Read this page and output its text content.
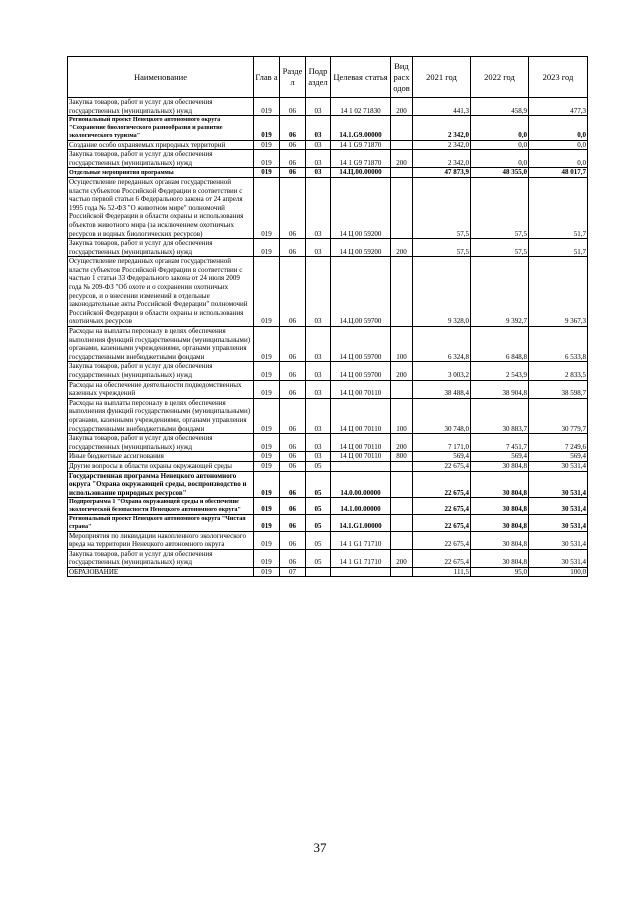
Наименование	Глав а	Разде л	Подр аздел	Целевая статья	Вид расх одов	2021 год	2022 год	2023 год
Закупка товаров, работ и услуг для обеспечения государственных (муниципальных) нужд	019	06	03	14 1 02 71830	200	441,3	458,9	477,3
Региональный проект Ненецкого автономного округа "Сохранение биологического разнообразия и развитие экологического туризма"	019	06	03	14.1.G9.00000		2 342,0	0,0	0,0
Создание особо охраняемых природных территорий	019	06	03	14 1 G9 71870		2 342,0	0,0	0,0
Закупка товаров, работ и услуг для обеспечения государственных (муниципальных) нужд	019	06	03	14 1 G9 71870	200	2 342,0	0,0	0,0
Отдельные мероприятия программы	019	06	03	14.Ц.00.00000		47 873,9	48 355,0	48 017,7
Осуществление переданных органам государственной власти субъектов Российской Федерации в соответствии с частью первой статьи 6 Федерального закона от 24 апреля 1995 года № 52-ФЗ "О животном мире" полномочий Российской Федерации в области охраны и использования объектов животного мира (за исключением охотничьих ресурсов и водных биологических ресурсов)	019	06	03	14 Ц 00 59200		57,5	57,5	51,7
Закупка товаров, работ и услуг для обеспечения государственных (муниципальных) нужд	019	06	03	14 Ц 00 59200	200	57,5	57,5	51,7
Осуществление переданных органам государственной власти субъектов Российской Федерации в соответствии с частью 1 статьи 33 Федерального закона от 24 июля 2009 года № 209-ФЗ "Об охоте и о сохранении охотничьих ресурсов, и о внесении изменений в отдельные законодательные акты Российской Федерации" полномочий Российской Федерации в области охраны и использования охотничьих ресурсов	019	06	03	14.Ц.00 59700		9 328,0	9 392,7	9 367,3
Расходы на выплаты персоналу в целях обеспечения выполнения функций государственными (муниципальными) органами, казенными учреждениями, органами управления государственными внебюджетными фондами	019	06	03	14 Ц 00 59700	100	6 324,8	6 848,8	6 533,8
Закупка товаров, работ и услуг для обеспечения государственных (муниципальных) нужд	019	06	03	14 Ц 00 59700	200	3 003,2	2 543,9	2 833,5
Расходы на обеспечение деятельности подведомственных казенных учреждений	019	06	03	14 Ц 00 70110		38 488,4	38 904,8	38 598,7
Расходы на выплаты персоналу в целях обеспечения выполнения функций государственными (муниципальными) органами, казенными учреждениями, органами управления государственными внебюджетными фондами	019	06	03	14 Ц 00 70110	100	30 748,0	30 883,7	30 779,7
Закупка товаров, работ и услуг для обеспечения государственных (муниципальных) нужд	019	06	03	14 Ц 00 70110	200	7 171,0	7 451,7	7 249,6
Иные бюджетные ассигнования	019	06	03	14 Ц 00 70110	800	569,4	569,4	569,4
Другие вопросы в области охраны окружающей среды	019	06	05			22 675,4	30 804,8	30 531,4
Государственная программа Ненецкого автономного округа "Охрана окружающей среды, воспроизводство и использование природных ресурсов"	019	06	05	14.0.00.00000		22 675,4	30 804,8	30 531,4
Подпрограмма 1 "Охрана окружающей среды и обеспечение экологической безопасности Ненецкого автономного округа"	019	06	05	14.1.00.00000		22 675,4	30 804,8	30 531,4
Региональный проект Ненецкого автономного округа "Чистая страна"	019	06	05	14.1.G1.00000		22 675,4	30 804,8	30 531,4
Мероприятия по ликвидации накопленного экологического вреда на территории Ненецкого автономного округа	019	06	05	14 1 G1 71710		22 675,4	30 804,8	30 531,4
Закупка товаров, работ и услуг для обеспечения государственных (муниципальных) нужд	019	06	05	14 1 G1 71710	200	22 675,4	30 804,8	30 531,4
ОБРАЗОВАНИЕ	019	07				111,5	95,0	100,0
37
